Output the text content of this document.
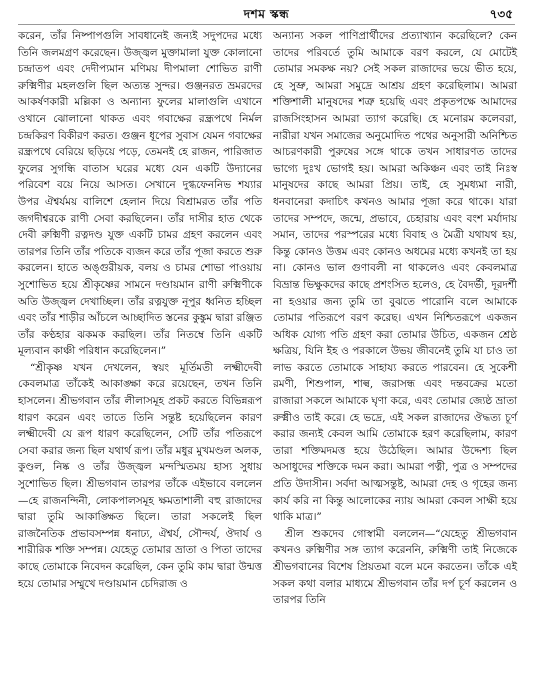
দশম স্কন্ধ	৭৩৫

করেন, তাঁর নিষ্পাপগুলি সাবধানেই জন্যই সদুপদের মধ্যে তিনি জলমগ্রণ করেছেন। উজ্জ্বল মুক্তামালা যুক্ত কোলানো চন্দ্রাতপ এবং দেদীপ্যমান মণিময় দীপমালা শোভিত রাণী রুক্মিণীর মহলগুলি ছিল অত্যন্ত সুন্দর। গুঞ্জনরত ভ্রমরদের আকর্ষণকারী মল্লিকা ও অন্যান্য ফুলের মালাগুলি এখানে ওখানে ঝোলানো থাকত এবং গবাক্ষের রন্ধ্রপথে নির্মল চন্দ্রকিরণ বিকীরণ করত। গুঞ্জন ধূপের সুবাস যেমন গবাক্ষের রন্ধ্রপথে বেরিয়ে ছড়িয়ে পড়ে, তেমনই হে রাজন, পারিজাত ফুলের সুগন্ধি বাতাস ঘরের মধ্যে যেন একটি উদ্যানের পরিবেশ বয়ে নিয়ে আসত। সেখানে দুগ্ধফেননিভ শয্যার উপর ঐশ্বর্যময় বালিশে হেলান দিয়ে বিশ্রামরত তাঁর পতি জগদীশ্বরকে রাণী সেবা করছিলেন। তাঁর দাসীর হাত থেকে দেবী রুক্মিণী রত্নদণ্ড যুক্ত একটি চামর গ্রহণ করলেন এবং তারপর তিনি তাঁর পতিকে ব্যজন করে তাঁর পূজা করতে শুরু করলেন। হাতে অঙ্গুরীয়ক, বলয় ও চামর শোভা পাওয়ায় সুশোভিত হয়ে শ্রীকৃষ্ণের সামনে দণ্ডায়মান রাণী রুক্মিণীকে অতি উজ্জ্বল দেখাচ্ছিল। তাঁর রত্নযুক্ত নূপুর ধ্বনিত হচ্ছিল এবং তাঁর শাড়ীর আঁচলে আচ্ছাদিত স্তনের কুঙ্কুম দ্বারা রঞ্জিত তাঁর কণ্ঠহার ঝকমক করছিল। তাঁর নিতম্বে তিনি একটি মূল্যবান কাঞ্চী পরিধান করেছিলেন।”

“শ্রীকৃষ্ণ যখন দেখলেন, স্বয়ং মূর্তিমতী লক্ষ্মীদেবী কেবলমাত্র তাঁকেই আকাঙ্ক্ষা করে রয়েছেন, তখন তিনি হাসলেন। শ্রীভগবান তাঁর লীলাসমূহ প্রকট করতে বিভিন্নরূপ ধারণ করেন এবং তাতে তিনি সন্তুষ্ট হয়েছিলেন কারণ লক্ষ্মীদেবী যে রূপ ধারণ করেছিলেন, সেটি তাঁর পতিরূপে সেবা করার জন্য ছিল যথার্থ রূপ। তাঁর মধুর মুখমণ্ডল অলক, কুণ্ডল, নিষ্ক ও তাঁর উজ্জ্বল মন্দস্মিতময় হাস্য সুধায় সুশোভিত ছিল। শ্রীভগবান তারপর তাঁকে এইভাবে বললেন—হে রাজনন্দিনী, লোকপালসমূহ ক্ষমতাশালী বহু রাজাদের দ্বারা তুমি আকাঙ্ক্ষিত ছিলে। তারা সকলেই ছিল রাজনৈতিক প্রভাবসম্পন্ন ধনাঢ্য, ঐশ্বর্য, সৌন্দর্য, ঔদার্য ও শারীরিক শক্তি সম্পন্ন। যেহেতু তোমার ভ্রাতা ও পিতা তাদের কাছে তোমাকে নিবেদন করেছিল, কেন তুমি কাম দ্বারা উন্মত্ত হয়ে তোমার সম্মুখে দণ্ডায়মান চেদিরাজ ও

অন্যান্য সকল পাণিপ্রার্থীদের প্রত্যাখ্যান করেছিলে? কেন তাদের পরিবর্তে তুমি আমাকে বরণ করলে, যে মোটেই তোমার সমকক্ষ নয়? সেই সকল রাজাদের ভয়ে ভীত হয়ে, হে সুভ্রু, আমরা সমুদ্রে আশ্রয় গ্রহণ করেছিলাম। আমরা শক্তিশালী মানুষদের শত্রু হয়েছি এবং প্রকৃতপক্ষে আমাদের রাজসিংহাসন আমরা ত্যাগ করেছি। হে মনোরম কলেবরা, নারীরা যখন সমাজের অনুমোদিত পথের অনুসারী অনিশ্চিত আচরণকারী পুরুষের সঙ্গে থাকে তখন সাধারণত তাদের ভাগ্যে দুঃখ ভোগই হয়। আমরা অকিঞ্চন এবং তাই নিঃস্ব মানুষদের কাছে আমরা প্রিয়। তাই, হে সুমধ্যমা নারী, ধনবানেরা কদাচিৎ কখনও আমার পূজা করে থাকে। যারা তাদের সম্পদে, জন্মে, প্রভাবে, চেহারায় এবং বংশ মর্যাদায় সমান, তাদের পরস্পরের মধ্যে বিবাহ ও মৈত্রী যথাযথ হয়, কিন্তু কোনও উত্তম এবং কোনও অধমের মধ্যে কখনই তা হয় না। কোনও ভাল গুণাবলী না থাকলেও এবং কেবলমাত্র বিভ্রান্ত ভিক্ষুকদের কাছে প্রশংসিত হলেও, হে বৈদর্ভী, দূরদর্শী না হওয়ার জন্য তুমি তা বুঝতে পারোনি বলে আমাকে তোমার পতিরূপে বরণ করেছ। এখন নিশ্চিতরূপে একজন অধিক যোগ্য পতি গ্রহণ করা তোমার উচিত, একজন শ্রেষ্ঠ ক্ষত্রিয়, যিনি ইহ ও পরকালে উভয় জীবনেই তুমি যা চাও তা লাভ করতে তোমাকে সাহায্য করতে পারবেন। হে সুকেশী রমণী, শিশুপাল, শাল্ব, জরাসন্ধ এবং দন্তবক্রের মতো রাজারা সকলে আমাকে ঘৃণা করে, এবং তোমার জ্যেষ্ঠ ভ্রাতা রুক্মীও তাই করে। হে ভদ্রে, এই সকল রাজাদের ঔদ্ধত্য চূর্ণ করার জন্যই কেবল আমি তোমাকে হরণ করেছিলাম, কারণ তারা শক্তিমদমত্ত হয়ে উঠেছিল। আমার উদ্দেশ্য ছিল অসাধুদের শক্তিকে দমন করা। আমরা পত্নী, পুত্র ও সম্পদের প্রতি উদাসীন। সর্বদা আত্মসন্তুষ্ট, আমরা দেহ ও গৃহের জন্য কার্য করি না কিন্তু আলোকের ন্যায় আমরা কেবল সাক্ষী হয়ে থাকি মাত্র।”

শ্রীল শুকদেব গোস্বামী বললেন—“যেহেতু শ্রীভগবান কখনও রুক্মিণীর সঙ্গ ত্যাগ করেননি, রুক্মিণী তাই নিজেকে শ্রীভগবানের বিশেষ প্রিয়তমা বলে মনে করতেন। তাঁকে এই সকল কথা বলার মাধ্যমে শ্রীভগবান তাঁর দর্প চূর্ণ করলেন ও তারপর তিনি
